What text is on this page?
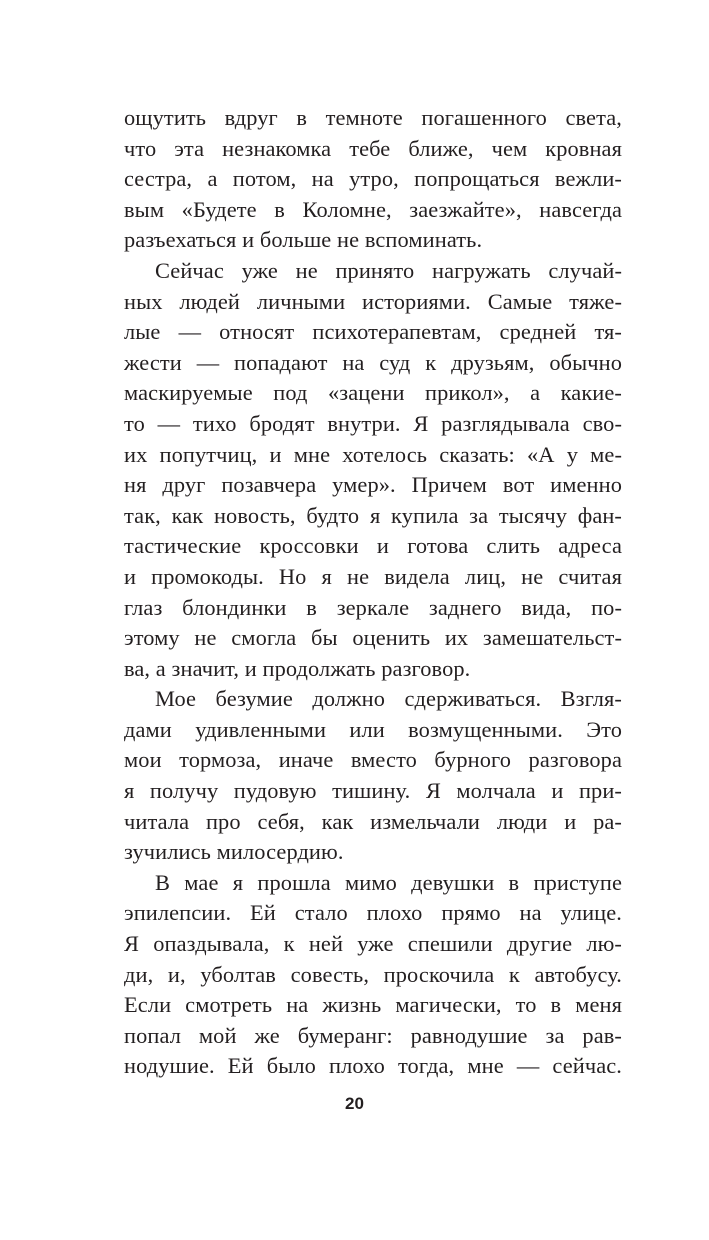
ощутить вдруг в темноте погашенного света,
что эта незнакомка тебе ближе, чем кровная
сестра, а потом, на утро, попрощаться вежли-
вым «Будете в Коломне, заезжайте», навсегда
разъехаться и больше не вспоминать.
Сейчас уже не принято нагружать случай-
ных людей личными историями. Самые тяже-
лые — относят психотерапевтам, средней тя-
жести — попадают на суд к друзьям, обычно
маскируемые под «зацени прикол», а какие-
то — тихо бродят внутри. Я разглядывала сво-
их попутчиц, и мне хотелось сказать: «А у ме-
ня друг позавчера умер». Причем вот именно
так, как новость, будто я купила за тысячу фан-
тастические кроссовки и готова слить адреса
и промокоды. Но я не видела лиц, не считая
глаз блондинки в зеркале заднего вида, по-
этому не смогла бы оценить их замешательст-
ва, а значит, и продолжать разговор.
Мое безумие должно сдерживаться. Взгля-
дами удивленными или возмущенными. Это
мои тормоза, иначе вместо бурного разговора
я получу пудовую тишину. Я молчала и при-
читала про себя, как измельчали люди и ра-
зучились милосердию.
В мае я прошла мимо девушки в приступе
эпилепсии. Ей стало плохо прямо на улице.
Я опаздывала, к ней уже спешили другие лю-
ди, и, уболтав совесть, проскочила к автобусу.
Если смотреть на жизнь магически, то в меня
попал мой же бумеранг: равнодушие за рав-
нодушие. Ей было плохо тогда, мне — сейчас.
20
